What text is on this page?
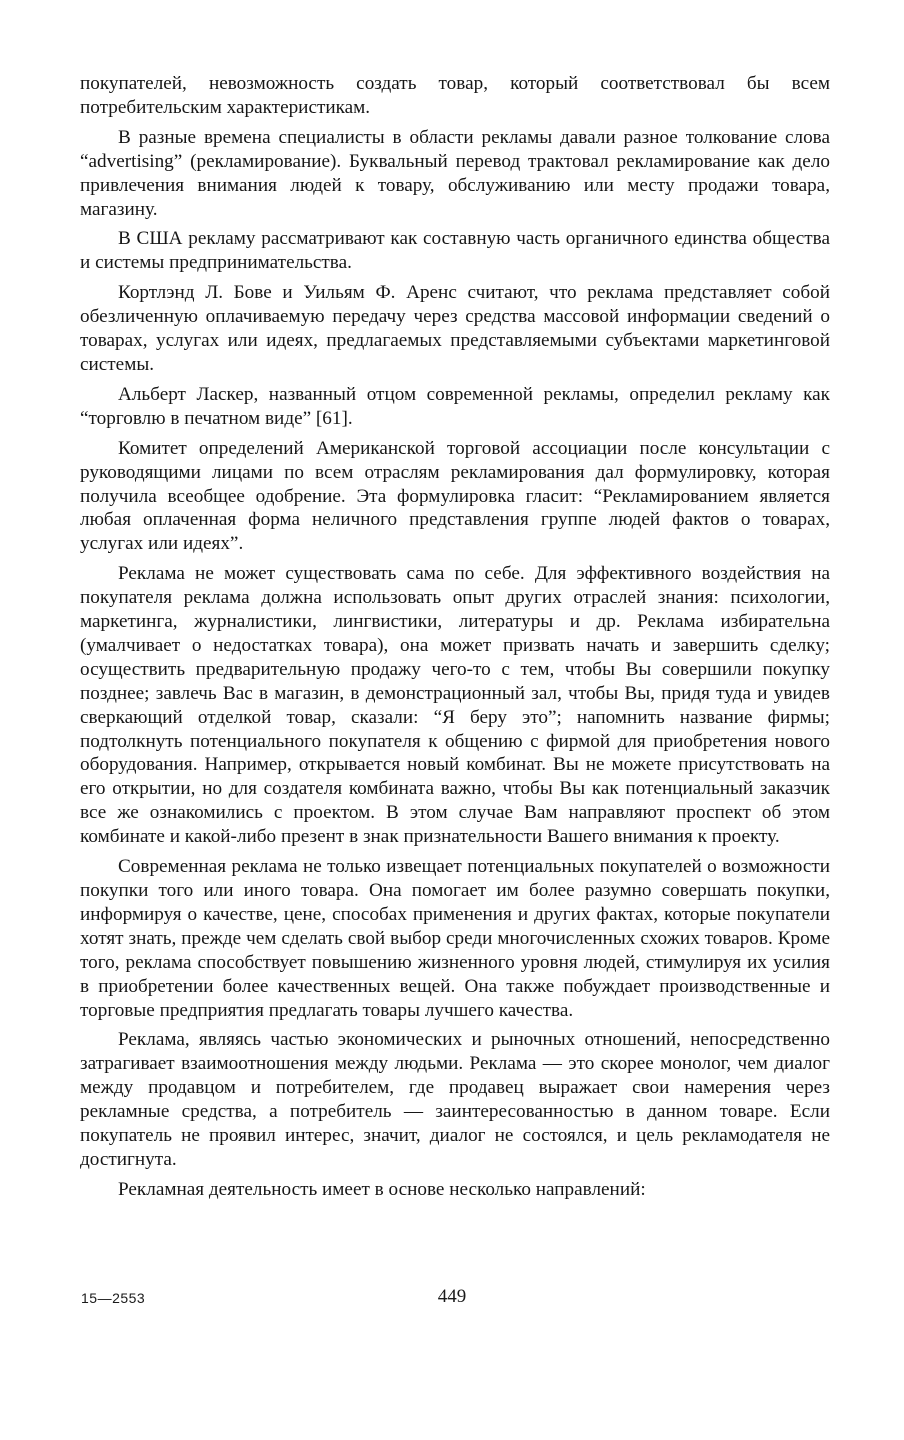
покупателей, невозможность создать товар, который соответствовал бы всем потребительским характеристикам.

В разные времена специалисты в области рекламы давали разное толкование слова “advertising” (рекламирование). Буквальный перевод трактовал рекламирование как дело привлечения внимания людей к товару, обслуживанию или месту продажи товара, магазину.

В США рекламу рассматривают как составную часть органичного единства общества и системы предпринимательства.

Кортлэнд Л. Бове и Уильям Ф. Аренс считают, что реклама представляет собой обезличенную оплачиваемую передачу через средства массовой информации сведений о товарах, услугах или идеях, предлагаемых представляемыми субъектами маркетинговой системы.

Альберт Ласкер, названный отцом современной рекламы, определил рекламу как “торговлю в печатном виде” [61].

Комитет определений Американской торговой ассоциации после консультации с руководящими лицами по всем отраслям рекламирования дал формулировку, которая получила всеобщее одобрение. Эта формулировка гласит: “Рекламированием является любая оплаченная форма неличного представления группе людей фактов о товарах, услугах или идеях”.

Реклама не может существовать сама по себе. Для эффективного воздействия на покупателя реклама должна использовать опыт других отраслей знания: психологии, маркетинга, журналистики, лингвистики, литературы и др. Реклама избирательна (умалчивает о недостатках товара), она может призвать начать и завершить сделку; осуществить предварительную продажу чего-то с тем, чтобы Вы совершили покупку позднее; завлечь Вас в магазин, в демонстрационный зал, чтобы Вы, придя туда и увидев сверкающий отделкой товар, сказали: “Я беру это”; напомнить название фирмы; подтолкнуть потенциального покупателя к общению с фирмой для приобретения нового оборудования. Например, открывается новый комбинат. Вы не можете присутствовать на его открытии, но для создателя комбината важно, чтобы Вы как потенциальный заказчик все же ознакомились с проектом. В этом случае Вам направляют проспект об этом комбинате и какой-либо презент в знак признательности Вашего внимания к проекту.

Современная реклама не только извещает потенциальных покупателей о возможности покупки того или иного товара. Она помогает им более разумно совершать покупки, информируя о качестве, цене, способах применения и других фактах, которые покупатели хотят знать, прежде чем сделать свой выбор среди многочисленных схожих товаров. Кроме того, реклама способствует повышению жизненного уровня людей, стимулируя их усилия в приобретении более качественных вещей. Она также побуждает производственные и торговые предприятия предлагать товары лучшего качества.

Реклама, являясь частью экономических и рыночных отношений, непосредственно затрагивает взаимоотношения между людьми. Реклама — это скорее монолог, чем диалог между продавцом и потребителем, где продавец выражает свои намерения через рекламные средства, а потребитель — заинтересованностью в данном товаре. Если покупатель не проявил интерес, значит, диалог не состоялся, и цель рекламодателя не достигнута.

Рекламная деятельность имеет в основе несколько направлений:

15—2553	449
